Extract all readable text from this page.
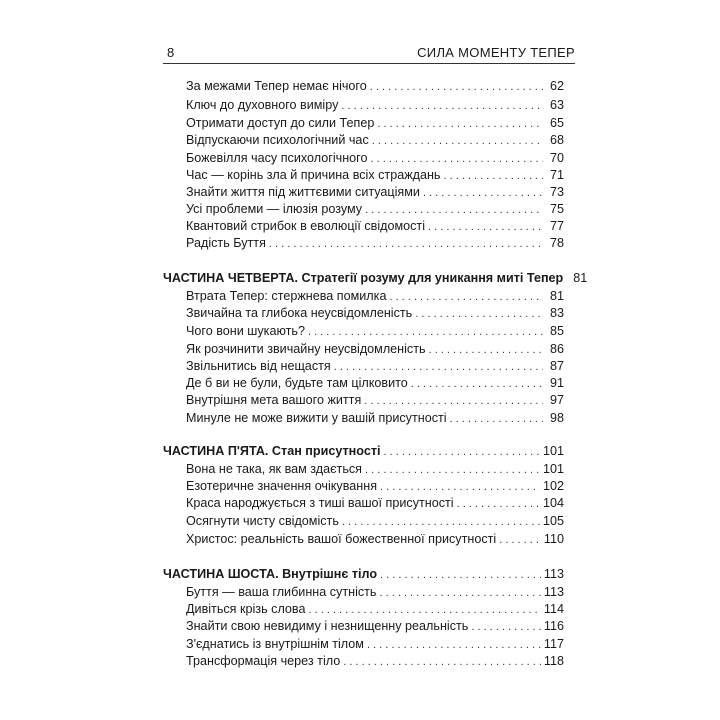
8	СИЛА МОМЕНТУ ТЕПЕР
За межами Тепер немає нічого . . .	62
Ключ до духовного виміру . . .	63
Отримати доступ до сили Тепер . . .	65
Відпускаючи психологічний час . . .	68
Божевілля часу психологічного . . .	70
Час — корінь зла й причина всіх страждань . . .	71
Знайти життя під життєвими ситуаціями . . .	73
Усі проблеми — ілюзія розуму . . .	75
Квантовий стрибок в еволюції свідомості . . .	77
Радість Буття . . .	78
ЧАСТИНА ЧЕТВЕРТА. Стратегії розуму для уникання миті Тепер 81
Втрата Тепер: стержнева помилка . . .	81
Звичайна та глибока неусвідомленість . . .	83
Чого вони шукають? . . .	85
Як розчинити звичайну неусвідомленість . . .	86
Звільнитись від нещастя . . .	87
Де б ви не були, будьте там цілковито . . .	91
Внутрішня мета вашого життя . . .	97
Минуле не може вижити у вашій присутності . . .	98
ЧАСТИНА П'ЯТА. Стан присутності . . .	101
Вона не така, як вам здається . . .	101
Езотеричне значення очікування . . .	102
Краса народжується з тиші вашої присутності . . .	104
Осягнути чисту свідомість . . .	105
Христос: реальність вашої божественної присутності . . .	110
ЧАСТИНА ШОСТА. Внутрішнє тіло . . .	113
Буття — ваша глибинна сутність . . .	113
Дивіться крізь слова . . .	114
Знайти свою невидиму і незнищенну реальність . . .	116
З'єднатись із внутрішнім тілом . . .	117
Трансформація через тіло . . .	118
